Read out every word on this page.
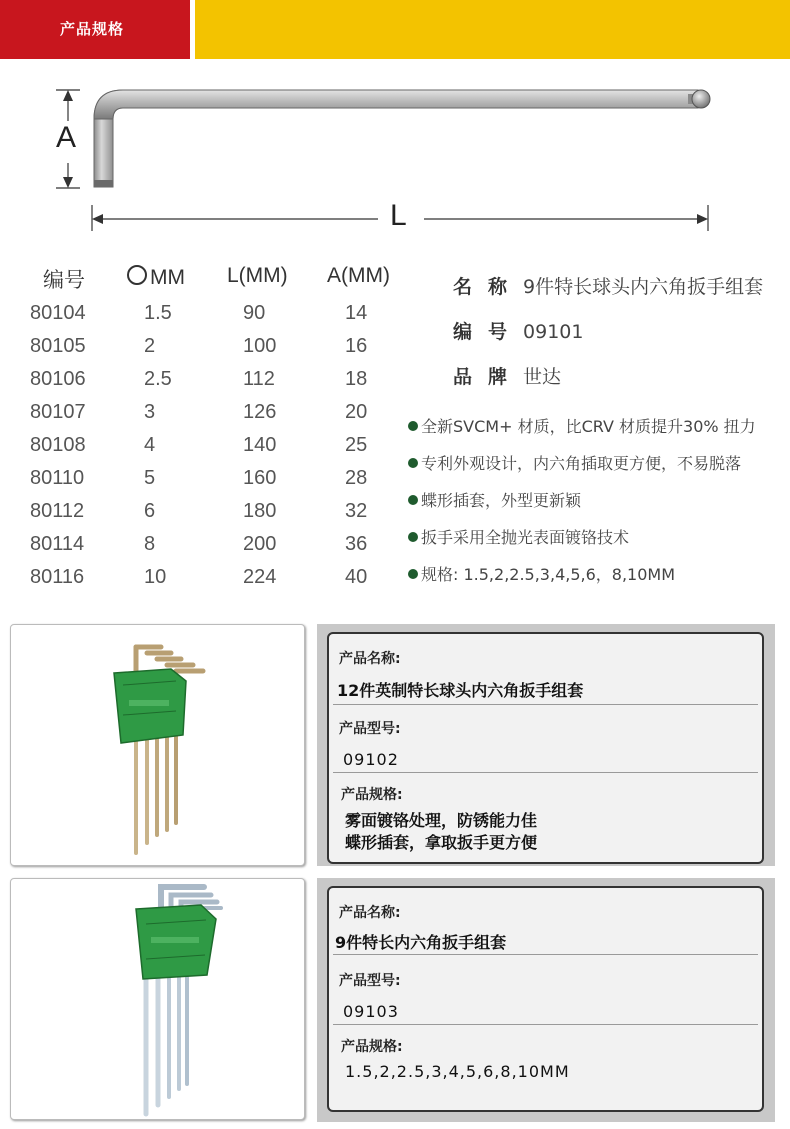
产品规格
A
L
编号	MM L(MM) A(MM)
80104	1.5	90	14
80105	2	100	16
80106	2.5	112	18
80107	3	126	20
80108	4	140	25
80110	5	160	28
80112	6	180	32
80114	8	200	36
80116	10	224	40
名称9件特长球头内六角扳手组套
编号09101
品牌世达
全新SVCM+ 材质，比CRV 材质提升30% 扭力
专利外观设计，内六角插取更方便，不易脱落
蝶形插套，外型更新颖
扳手采用全抛光表面镀铬技术
规格: 1.5,2,2.5,3,4,5,6，8,10MM
产品名称:
12件英制特长球头内六角扳手组套
产品型号:
09102
产品规格:
雾面镀铬处理，防锈能力佳
蝶形插套，拿取扳手更方便
产品名称:
9件特长内六角扳手组套
产品型号:
09103
产品规格:
1.5,2,2.5,3,4,5,6,8,10MM
